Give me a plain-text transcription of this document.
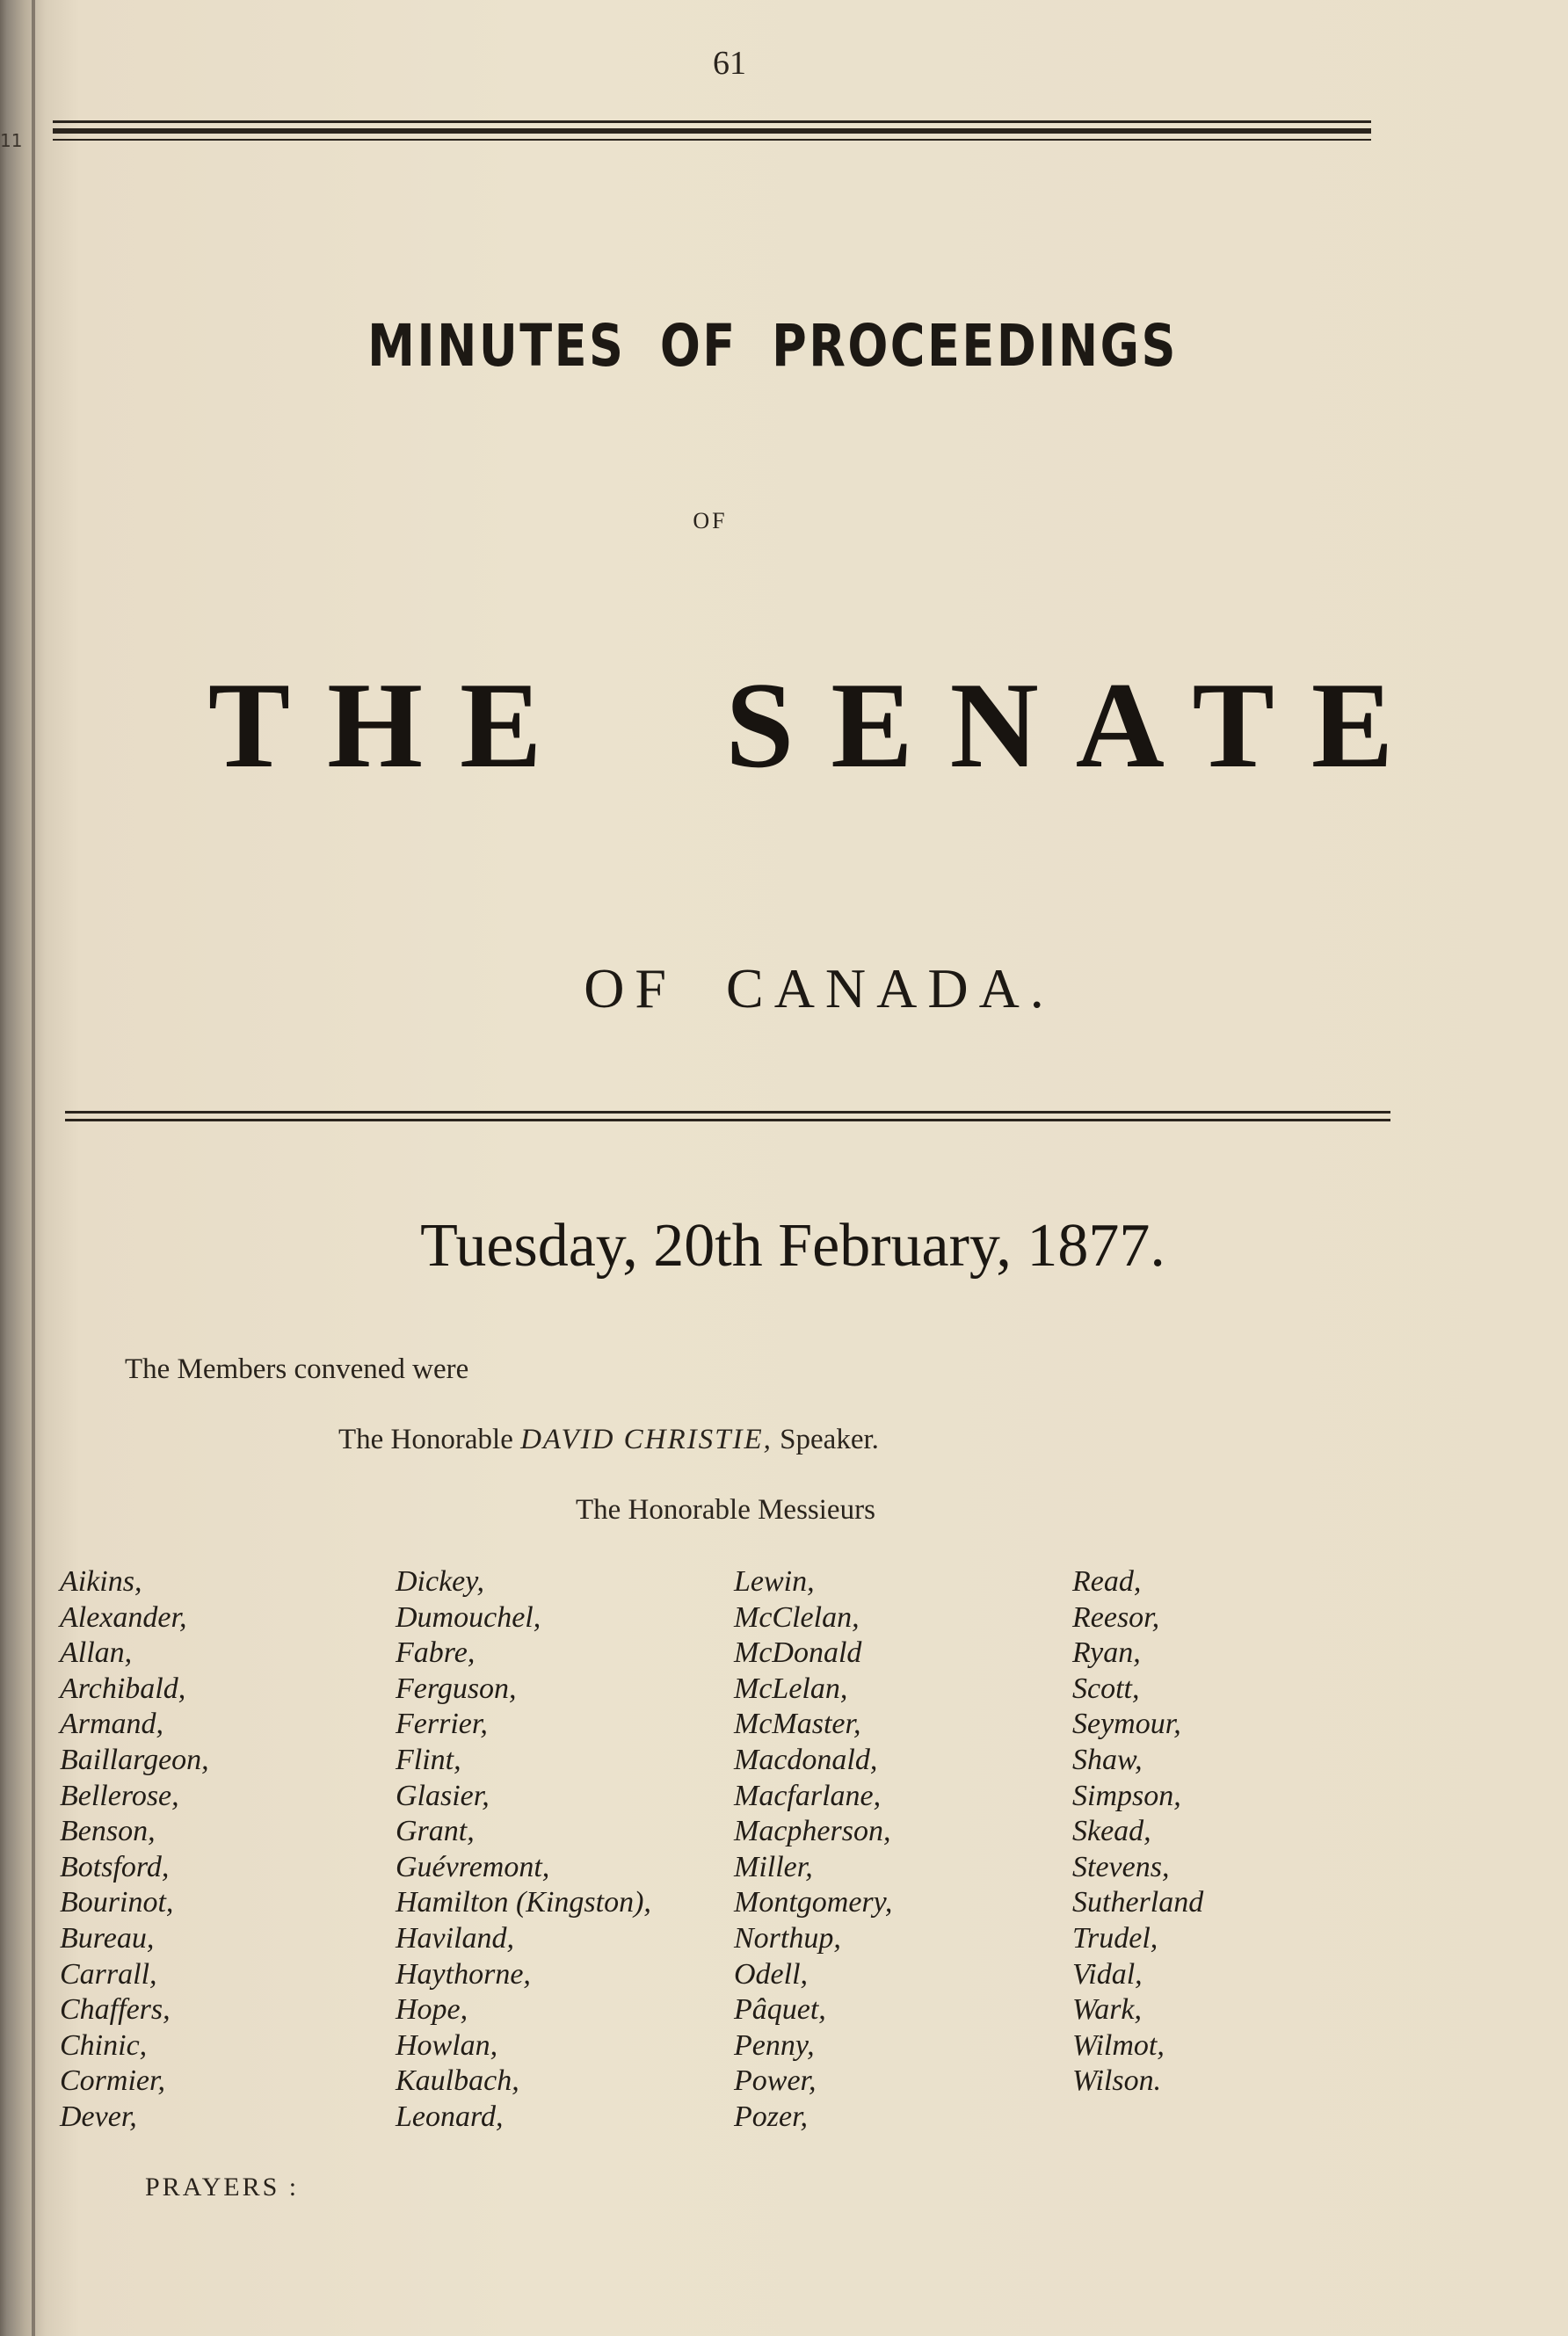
11
61
MINUTES OF PROCEEDINGS
OF
THE SENATE
OF CANADA.
Tuesday, 20th February, 1877.
The Members convened were
The Honorable DAVID CHRISTIE, Speaker.
The Honorable Messieurs
Aikins,
Alexander,
Allan,
Archibald,
Armand,
Baillargeon,
Bellerose,
Benson,
Botsford,
Bourinot,
Bureau,
Carrall,
Chaffers,
Chinic,
Cormier,
Dever,
Dickey,
Dumouchel,
Fabre,
Ferguson,
Ferrier,
Flint,
Glasier,
Grant,
Guévremont,
Hamilton (Kingston),
Haviland,
Haythorne,
Hope,
Howlan,
Kaulbach,
Leonard,
Lewin,
McClelan,
McDonald
McLelan,
McMaster,
Macdonald,
Macfarlane,
Macpherson,
Miller,
Montgomery,
Northup,
Odell,
Pâquet,
Penny,
Power,
Pozer,
Read,
Reesor,
Ryan,
Scott,
Seymour,
Shaw,
Simpson,
Skead,
Stevens,
Sutherland
Trudel,
Vidal,
Wark,
Wilmot,
Wilson.
PRAYERS :
